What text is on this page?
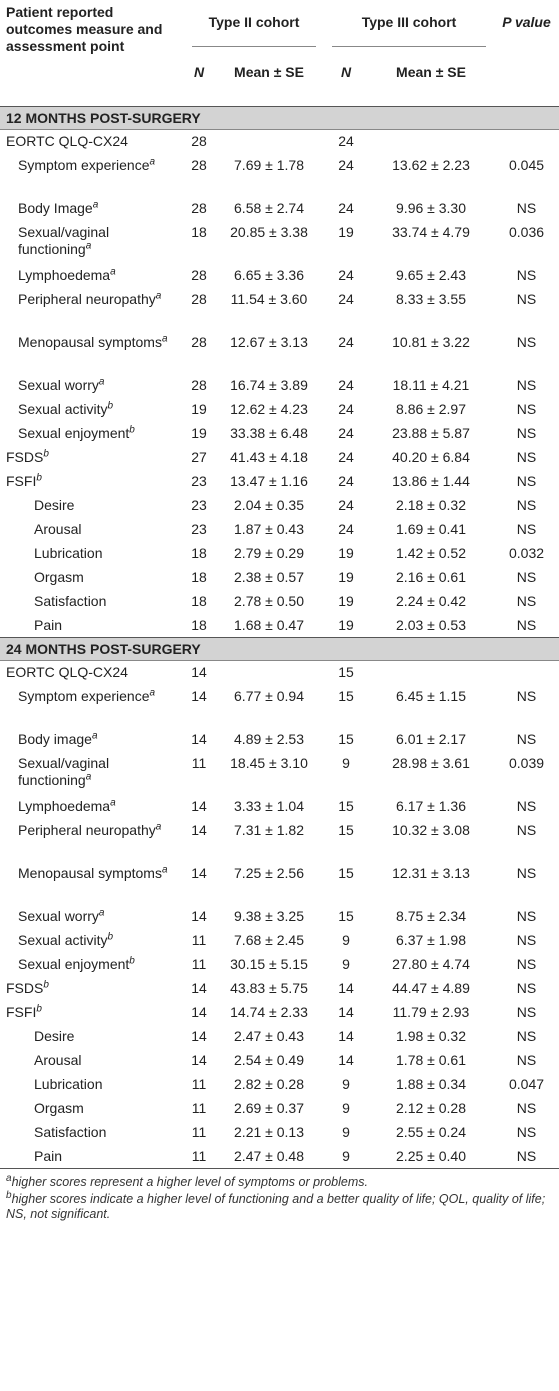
Patient reported outcomes measure and assessment point	Type II cohort		Type III cohort		P value
	N	Mean ± SE	N	Mean ± SE	
12 MONTHS POST-SURGERY					
EORTC QLQ-CX24	28		24		
Symptom experience$^a$	28	7.69 ± 1.78	24	13.62 ± 2.23	0.045
Body Image$^a$	28	6.58 ± 2.74	24	9.96 ± 3.30	NS
Sexual/vaginal functioning$^a$	18	20.85 ± 3.38	19	33.74 ± 4.79	0.036
Lymphoedema$^a$	28	6.65 ± 3.36	24	9.65 ± 2.43	NS
Peripheral neuropathy$^a$	28	11.54 ± 3.60	24	8.33 ± 3.55	NS
Menopausal symptoms$^a$	28	12.67 ± 3.13	24	10.81 ± 3.22	NS
Sexual worry$^a$	28	16.74 ± 3.89	24	18.11 ± 4.21	NS
Sexual activity$^b$	19	12.62 ± 4.23	24	8.86 ± 2.97	NS
Sexual enjoyment$^b$	19	33.38 ± 6.48	24	23.88 ± 5.87	NS
FSDS$^b$	27	41.43 ± 4.18	24	40.20 ± 6.84	NS
FSFI$^b$	23	13.47 ± 1.16	24	13.86 ± 1.44	NS
Desire	23	2.04 ± 0.35	24	2.18 ± 0.32	NS
Arousal	23	1.87 ± 0.43	24	1.69 ± 0.41	NS
Lubrication	18	2.79 ± 0.29	19	1.42 ± 0.52	0.032
Orgasm	18	2.38 ± 0.57	19	2.16 ± 0.61	NS
Satisfaction	18	2.78 ± 0.50	19	2.24 ± 0.42	NS
Pain	18	1.68 ± 0.47	19	2.03 ± 0.53	NS
24 MONTHS POST-SURGERY					
EORTC QLQ-CX24	14		15		
Symptom experience$^a$	14	6.77 ± 0.94	15	6.45 ± 1.15	NS
Body image$^a$	14	4.89 ± 2.53	15	6.01 ± 2.17	NS
Sexual/vaginal functioning$^a$	11	18.45 ± 3.10	9	28.98 ± 3.61	0.039
Lymphoedema$^a$	14	3.33 ± 1.04	15	6.17 ± 1.36	NS
Peripheral neuropathy$^a$	14	7.31 ± 1.82	15	10.32 ± 3.08	NS
Menopausal symptoms$^a$	14	7.25 ± 2.56	15	12.31 ± 3.13	NS
Sexual worry$^a$	14	9.38 ± 3.25	15	8.75 ± 2.34	NS
Sexual activity$^b$	11	7.68 ± 2.45	9	6.37 ± 1.98	NS
Sexual enjoyment$^b$	11	30.15 ± 5.15	9	27.80 ± 4.74	NS
FSDS$^b$	14	43.83 ± 5.75	14	44.47 ± 4.89	NS
FSFI$^b$	14	14.74 ± 2.33	14	11.79 ± 2.93	NS
Desire	14	2.47 ± 0.43	14	1.98 ± 0.32	NS
Arousal	14	2.54 ± 0.49	14	1.78 ± 0.61	NS
Lubrication	11	2.82 ± 0.28	9	1.88 ± 0.34	0.047
Orgasm	11	2.69 ± 0.37	9	2.12 ± 0.28	NS
Satisfaction	11	2.21 ± 0.13	9	2.55 ± 0.24	NS
Pain	11	2.47 ± 0.48	9	2.25 ± 0.40	NS

$^a$higher scores represent a higher level of symptoms or problems.

$^b$higher scores indicate a higher level of functioning and a better quality of life; QOL, quality of life; NS, not significant.
